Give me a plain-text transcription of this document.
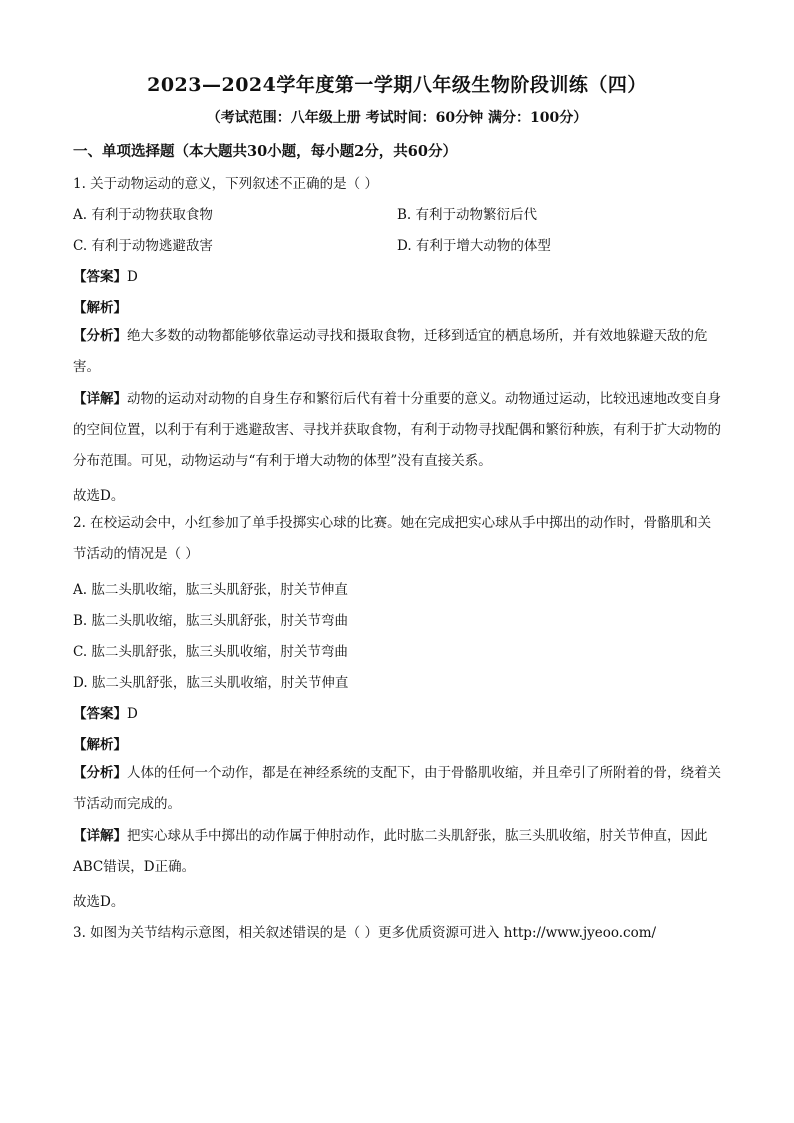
2023—2024学年度第一学期八年级生物阶段训练（四）
（考试范围：八年级上册 考试时间：60分钟 满分：100分）
一、单项选择题（本大题共30小题，每小题2分，共60分）
1. 关于动物运动的意义，下列叙述不正确的是（ ）
A. 有利于动物获取食物	B. 有利于动物繁衍后代
C. 有利于动物逃避敌害	D. 有利于增大动物的体型
【答案】D
【解析】
【分析】绝大多数的动物都能够依靠运动寻找和摄取食物，迁移到适宜的栖息场所，并有效地躲避天敌的危害。
【详解】动物的运动对动物的自身生存和繁衍后代有着十分重要的意义。动物通过运动，比较迅速地改变自身的空间位置，以利于有利于逃避敌害、寻找并获取食物，有利于动物寻找配偶和繁衍种族，有利于扩大动物的分布范围。可见，动物运动与“有利于增大动物的体型”没有直接关系。
故选D。
2. 在校运动会中，小红参加了单手投掷实心球的比赛。她在完成把实心球从手中掷出的动作时，骨骼肌和关节活动的情况是（ ）
A. 肱二头肌收缩，肱三头肌舒张，肘关节伸直
B. 肱二头肌收缩，肱三头肌舒张，肘关节弯曲
C. 肱二头肌舒张，肱三头肌收缩，肘关节弯曲
D. 肱二头肌舒张，肱三头肌收缩，肘关节伸直
【答案】D
【解析】
【分析】人体的任何一个动作，都是在神经系统的支配下，由于骨骼肌收缩，并且牵引了所附着的骨，绕着关节活动而完成的。
【详解】把实心球从手中掷出的动作属于伸肘动作，此时肱二头肌舒张，肱三头肌收缩，肘关节伸直，因此ABC错误，D正确。
故选D。
3. 如图为关节结构示意图，相关叙述错误的是（ ）更多优质资源可进入 http://www.jyeoo.com/
